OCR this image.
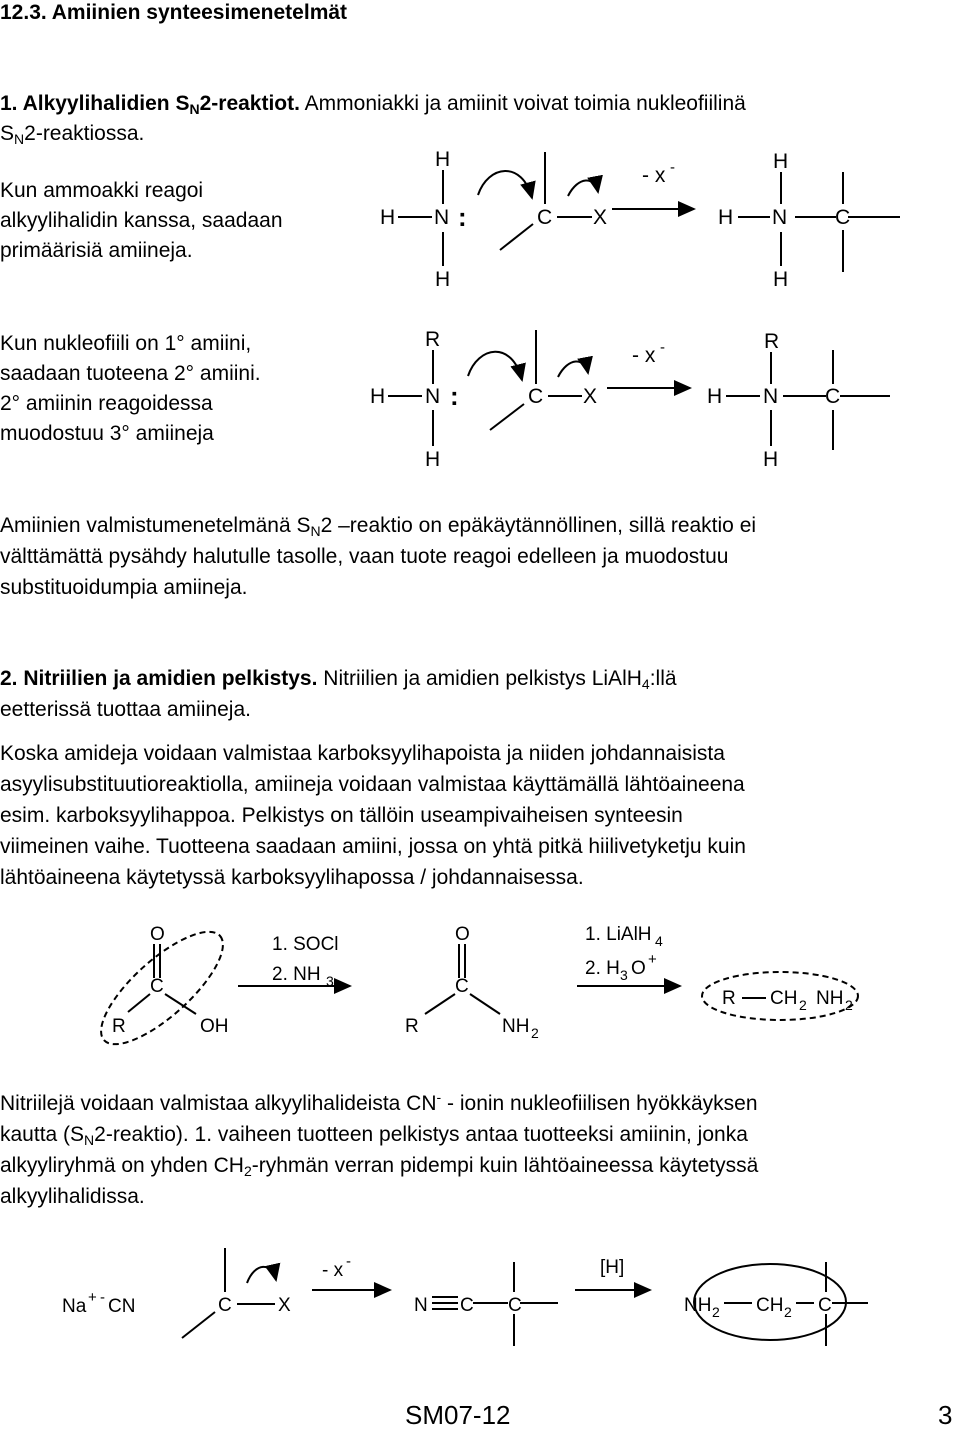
12.3. Amiinien synteesimenetelmät
1. Alkyylihalidien $S_N2$-reaktiot. Ammoniakki ja amiinit voivat toimia nukleofiilinä
$S_N2$-reaktiossa.
Kun ammoakki reagoi
alkyylihalidin kanssa, saadaan
primäärisiä amiineja.
Kun nukleofiili on 1° amiini,
saadaan tuoteena 2° amiini.
2° amiinin reagoidessa
muodostuu 3° amiineja
Amiinien valmistumenetelmänä $S_N2$ –reaktio on epäkäytännöllinen, sillä reaktio ei
välttämättä pysähdy halutulle tasolle, vaan tuote reagoi edelleen ja muodostuu
substituoidumpia amiineja.
2. Nitriilien ja amidien pelkistys. Nitriilien ja amidien pelkistys LiAlH$_4$:llä
eetterissä tuottaa amiineja.
Koska amideja voidaan valmistaa karboksyylihapoista ja niiden johdannaisista
asyylisubstituutioreaktiolla, amiineja voidaan valmistaa käyttämällä lähtöaineena
esim. karboksyylihappoa. Pelkistys on tällöin useampivaiheisen synteesin
viimeinen vaihe. Tuotteena saadaan amiini, jossa on yhtä pitkä hiilivetyketju kuin
lähtöaineena käytetyssä karboksyylihapossa / johdannaisessa.
Nitriilejä voidaan valmistaa alkyylihalideista CN- - ionin nukleofiilisen hyökkäyksen
kautta $(S_N2-reaktio)$. 1. vaiheen tuotteen pelkistys antaa tuotteeksi amiinin, jonka
alkyyliryhmä on yhden $CH_2$-ryhmän verran pidempi kuin lähtöaineessa käytetyssä
alkyylihalidissa.
SM07-12	3
H
H N :
H
C X
- x -	H
H N
H
C
R
H N :
H
C X
- x -	R
H N
H
C
O
C
R	OH
1. SOCl
2. NH 3
O
C
R	NH 2
1. LiAlH 4
2. H 3 O +
R CH 2 NH 2
Na + - CN	C X
- x -
N C C
[H]
NH 2 CH 2 C
